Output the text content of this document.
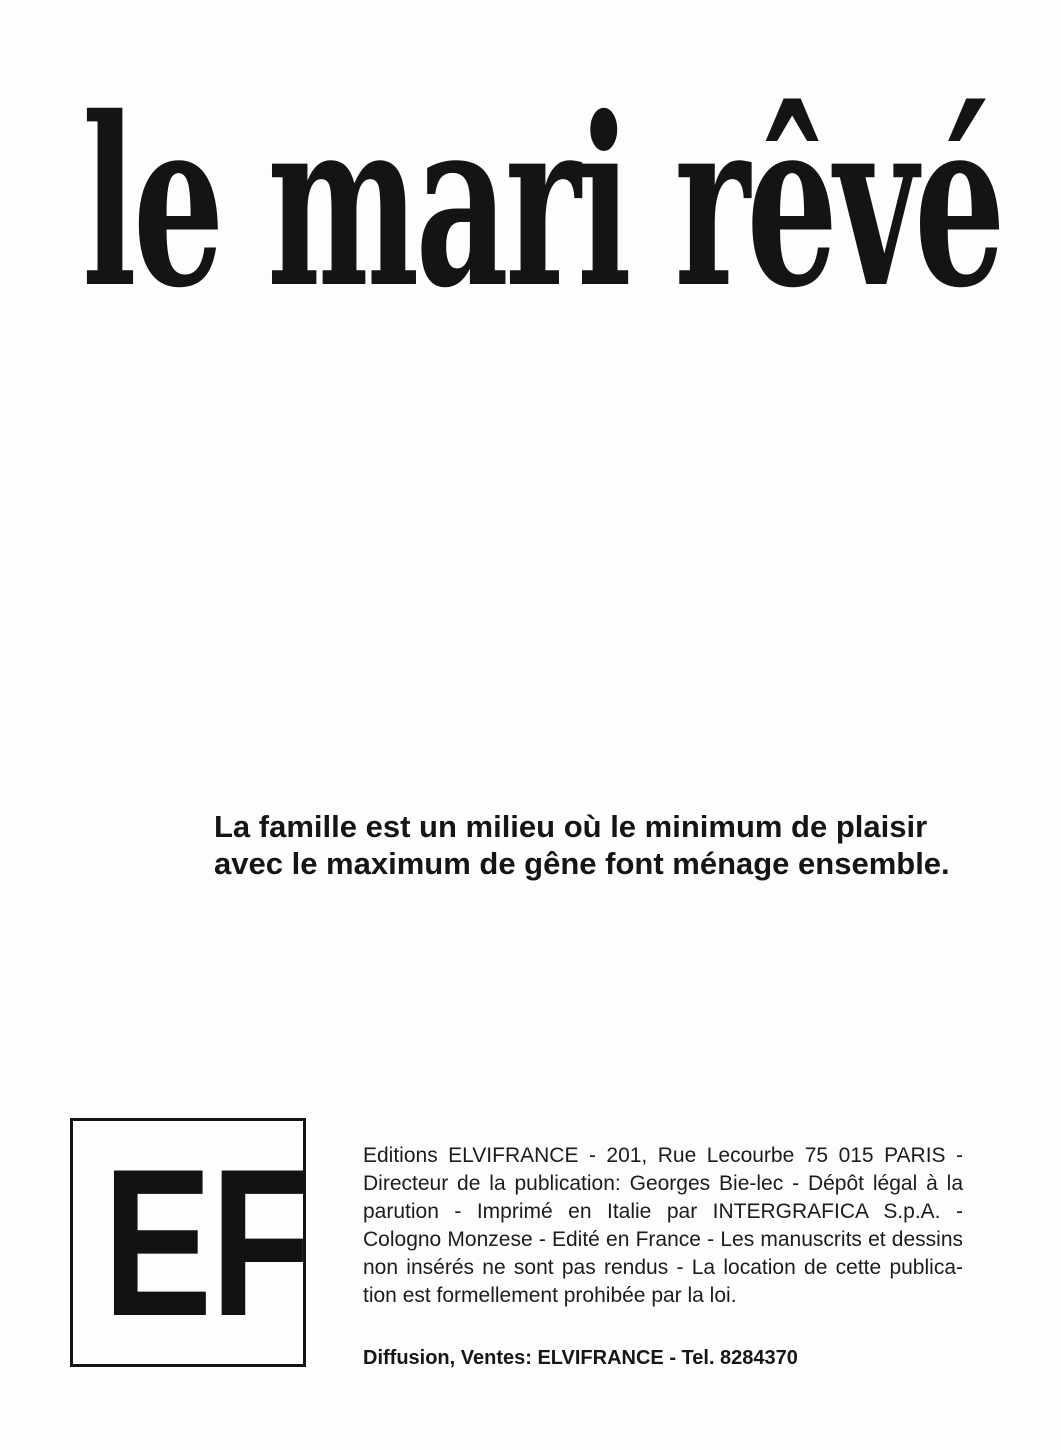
le mari rêvé

La famille est un milieu où le minimum de plaisir avec le maximum de gêne font ménage ensemble.

EF	Editions ELVIFRANCE - 201, Rue Lecourbe 75 015 PARIS - Directeur de la publication: Georges Bie-lec - Dépôt légal à la parution - Imprimé en Italie par INTERGRAFICA S.p.A. - Cologno Monzese - Edité en France - Les manuscrits et dessins non insérés ne sont pas rendus - La location de cette publica-tion est formellement prohibée par la loi.

Diffusion, Ventes: ELVIFRANCE - Tel. 8284370
